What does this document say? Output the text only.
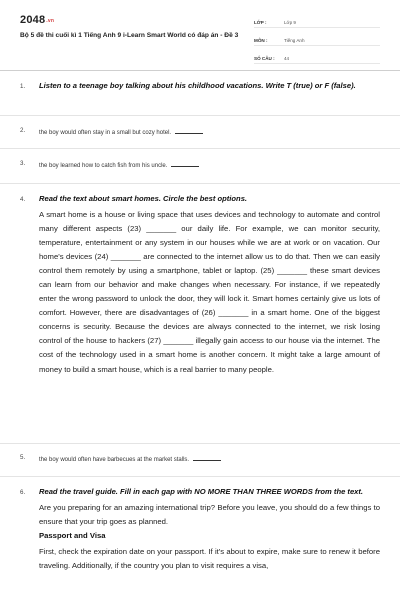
2048.vn
Bộ 5 đề thi cuối kì 1 Tiếng Anh 9 i-Learn Smart World có đáp án - Đề 3
LỚP :	Lớp 9
MÔN :	Tiếng Anh
SỐ CÂU :	44
1. Listen to a teenage boy talking about his childhood vacations. Write T (true) or F (false).
2. the boy would often stay in a small but cozy hotel.
3. the boy learned how to catch fish from his uncle.
4. Read the text about smart homes. Circle the best options.

A smart home is a house or living space that uses devices and technology to automate and control many different aspects (23) _______ our daily life. For example, we can monitor security, temperature, entertainment or any system in our houses while we are at work or on vacation. Our home's devices (24) _______ are connected to the internet allow us to do that. Then we can easily control them remotely by using a smartphone, tablet or laptop. (25) _______ these smart devices can learn from our behavior and make changes when necessary. For instance, if we repeatedly enter the wrong password to unlock the door, they will lock it. Smart homes certainly give us lots of comfort. However, there are disadvantages of (26) _______ in a smart home. One of the biggest concerns is security. Because the devices are always connected to the internet, we risk losing control of the house to hackers (27) _______ illegally gain access to our house via the internet. The cost of the technology used in a smart home is another concern. It might take a large amount of money to build a smart house, which is a real barrier to many people.

5. the boy would often have barbecues at the market stalls.
6. Read the travel guide. Fill in each gap with NO MORE THAN THREE WORDS from the text.

Are you preparing for an amazing international trip? Before you leave, you should do a few things to ensure that your trip goes as planned.

Passport and Visa

First, check the expiration date on your passport. If it's about to expire, make sure to renew it before traveling. Additionally, if the country you plan to visit requires a visa,
